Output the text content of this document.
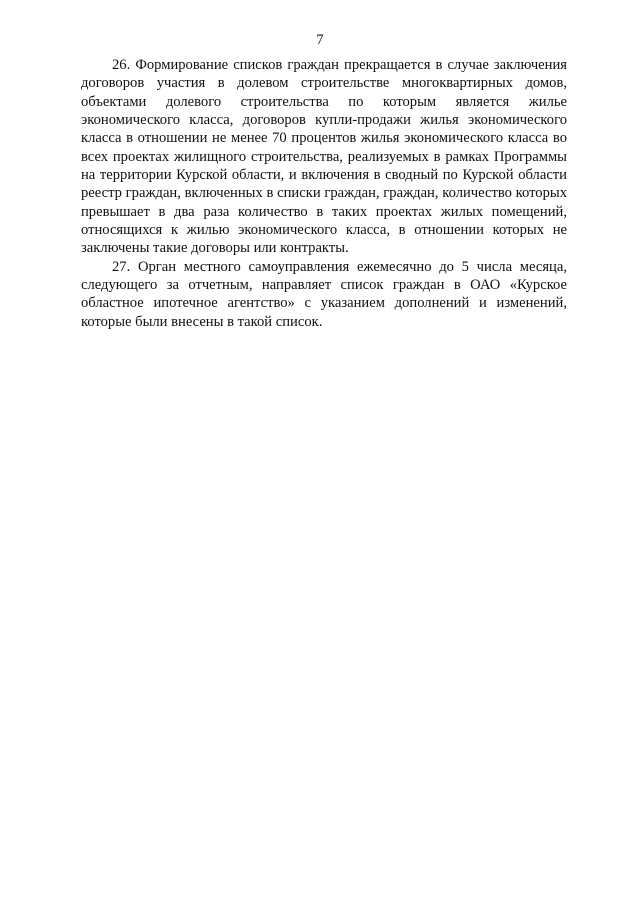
7

26. Формирование списков граждан прекращается в случае заключения договоров участия в долевом строительстве многоквартирных домов, объектами долевого строительства по которым является жилье экономического класса, договоров купли-продажи жилья экономического класса в отношении не менее 70 процентов жилья экономического класса во всех проектах жилищного строительства, реализуемых в рамках Программы на территории Курской области, и включения в сводный по Курской области реестр граждан, включенных в списки граждан, граждан, количество которых превышает в два раза количество в таких проектах жилых помещений, относящихся к жилью экономического класса, в отношении которых не заключены такие договоры или контракты.

27. Орган местного самоуправления ежемесячно до 5 числа месяца, следующего за отчетным, направляет список граждан в ОАО «Курское областное ипотечное агентство» с указанием дополнений и изменений, которые были внесены в такой список.
